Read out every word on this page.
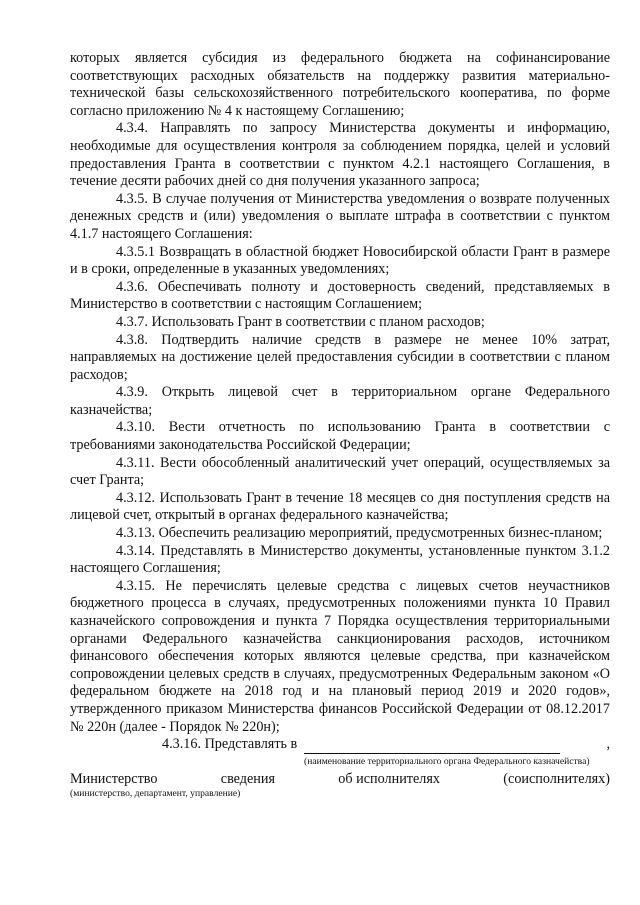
которых является субсидия из федерального бюджета на софинансирование соответствующих расходных обязательств на поддержку развития материально-технической базы сельскохозяйственного потребительского кооператива, по форме согласно приложению № 4 к настоящему Соглашению;

4.3.4. Направлять по запросу Министерства документы и информацию, необходимые для осуществления контроля за соблюдением порядка, целей и условий предоставления Гранта в соответствии с пунктом 4.2.1 настоящего Соглашения, в течение десяти рабочих дней со дня получения указанного запроса;

4.3.5. В случае получения от Министерства уведомления о возврате полученных денежных средств и (или) уведомления о выплате штрафа в соответствии с пунктом 4.1.7 настоящего Соглашения:

4.3.5.1 Возвращать в областной бюджет Новосибирской области Грант в размере и в сроки, определенные в указанных уведомлениях;

4.3.6. Обеспечивать полноту и достоверность сведений, представляемых в Министерство в соответствии с настоящим Соглашением;

4.3.7. Использовать Грант в соответствии с планом расходов;

4.3.8. Подтвердить наличие средств в размере не менее 10% затрат, направляемых на достижение целей предоставления субсидии в соответствии с планом расходов;

4.3.9. Открыть лицевой счет в территориальном органе Федерального казначейства;

4.3.10. Вести отчетность по использованию Гранта в соответствии с требованиями законодательства Российской Федерации;

4.3.11. Вести обособленный аналитический учет операций, осуществляемых за счет Гранта;

4.3.12. Использовать Грант в течение 18 месяцев со дня поступления средств на лицевой счет, открытый в органах федерального казначейства;

4.3.13. Обеспечить реализацию мероприятий, предусмотренных бизнес-планом;

4.3.14. Представлять в Министерство документы, установленные пунктом 3.1.2 настоящего Соглашения;

4.3.15. Не перечислять целевые средства с лицевых счетов неучастников бюджетного процесса в случаях, предусмотренных положениями пункта 10 Правил казначейского сопровождения и пункта 7 Порядка осуществления территориальными органами Федерального казначейства санкционирования расходов, источником финансового обеспечения которых являются целевые средства, при казначейском сопровождении целевых средств в случаях, предусмотренных Федеральным законом «О федеральном бюджете на 2018 год и на плановый период 2019 и 2020 годов», утвержденного приказом Министерства финансов Российской Федерации от 08.12.2017 № 220н (далее - Порядок № 220н);

4.3.16. Представлять в	,
(наименование территориального органа Федерального казначейства)
Министерство	сведения	об исполнителях	(соисполнителях)
(министерство, департамент, управление)
